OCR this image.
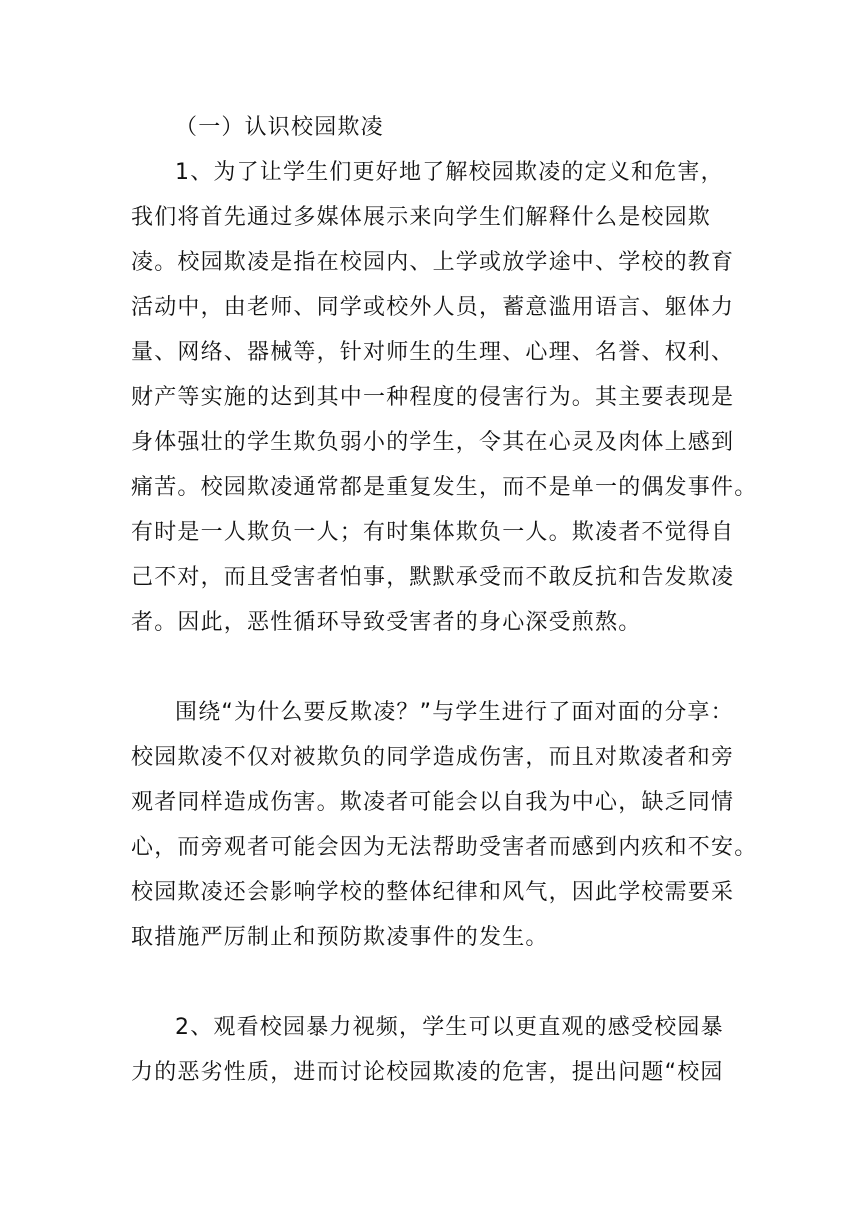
（一）认识校园欺凌
1、为了让学生们更好地了解校园欺凌的定义和危害，
我们将首先通过多媒体展示来向学生们解释什么是校园欺
凌。校园欺凌是指在校园内、上学或放学途中、学校的教育
活动中，由老师、同学或校外人员，蓄意滥用语言、躯体力
量、网络、器械等，针对师生的生理、心理、名誉、权利、
财产等实施的达到其中一种程度的侵害行为。其主要表现是
身体强壮的学生欺负弱小的学生，令其在心灵及肉体上感到
痛苦。校园欺凌通常都是重复发生，而不是单一的偶发事件。
有时是一人欺负一人；有时集体欺负一人。欺凌者不觉得自
己不对，而且受害者怕事，默默承受而不敢反抗和告发欺凌
者。因此，恶性循环导致受害者的身心深受煎熬。
围绕“为什么要反欺凌？”与学生进行了面对面的分享：
校园欺凌不仅对被欺负的同学造成伤害，而且对欺凌者和旁
观者同样造成伤害。欺凌者可能会以自我为中心，缺乏同情
心，而旁观者可能会因为无法帮助受害者而感到内疚和不安。
校园欺凌还会影响学校的整体纪律和风气，因此学校需要采
取措施严厉制止和预防欺凌事件的发生。
2、观看校园暴力视频，学生可以更直观的感受校园暴
力的恶劣性质，进而讨论校园欺凌的危害，提出问题“校园
